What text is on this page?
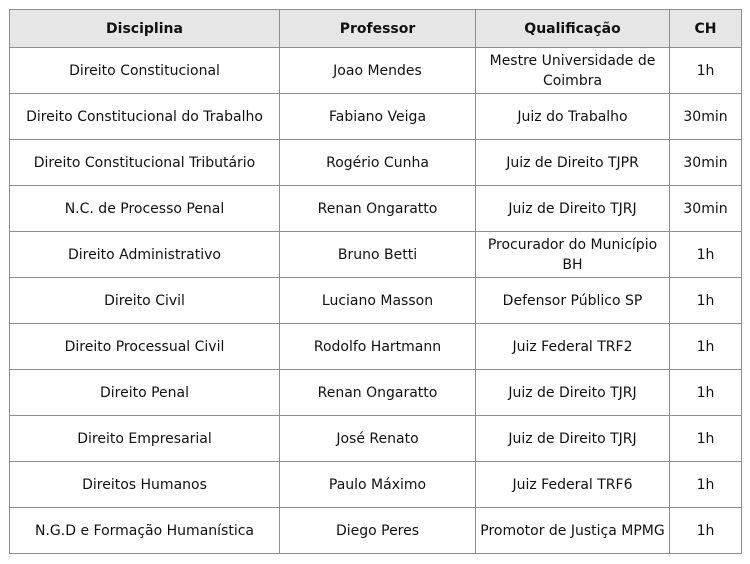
Disciplina	Professor	Qualificação	CH
Direito Constitucional	Joao Mendes	Mestre Universidade de Coimbra	1h
Direito Constitucional do Trabalho	Fabiano Veiga	Juiz do Trabalho	30min
Direito Constitucional Tributário	Rogério Cunha	Juiz de Direito TJPR	30min
N.C. de Processo Penal	Renan Ongaratto	Juiz de Direito TJRJ	30min
Direito Administrativo	Bruno Betti	Procurador do Município BH	1h
Direito Civil	Luciano Masson	Defensor Público SP	1h
Direito Processual Civil	Rodolfo Hartmann	Juiz Federal TRF2	1h
Direito Penal	Renan Ongaratto	Juiz de Direito TJRJ	1h
Direito Empresarial	José Renato	Juiz de Direito TJRJ	1h
Direitos Humanos	Paulo Máximo	Juiz Federal TRF6	1h
N.G.D e Formação Humanística	Diego Peres	Promotor de Justiça MPMG	1h
